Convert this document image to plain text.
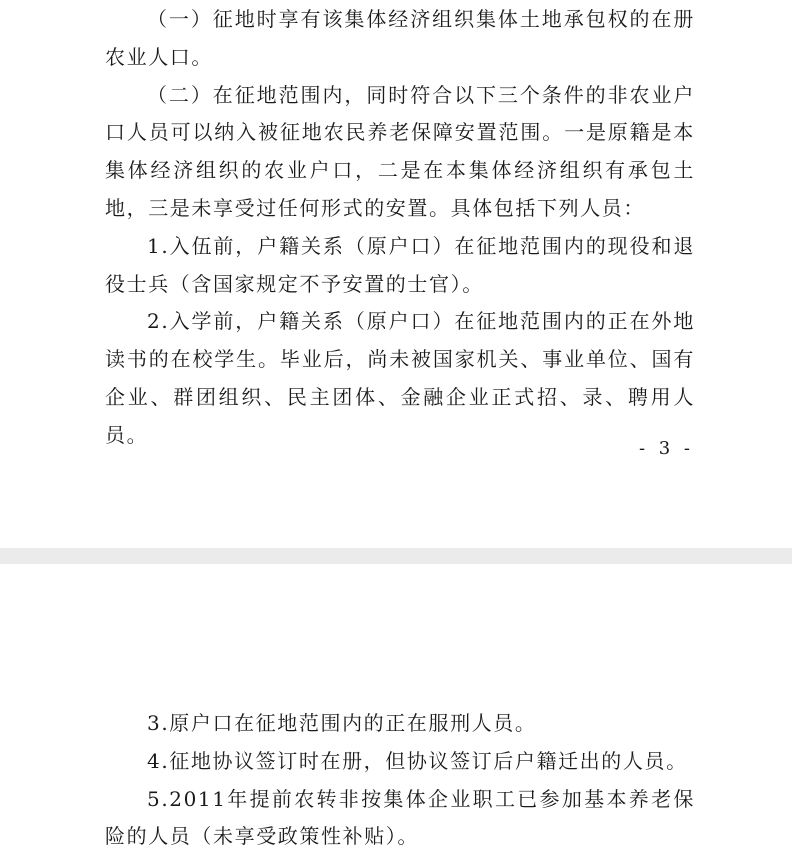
（一）征地时享有该集体经济组织集体土地承包权的在册农业人口。

（二）在征地范围内，同时符合以下三个条件的非农业户口人员可以纳入被征地农民养老保障安置范围。一是原籍是本集体经济组织的农业户口，二是在本集体经济组织有承包土地，三是未享受过任何形式的安置。具体包括下列人员：

1.入伍前，户籍关系（原户口）在征地范围内的现役和退役士兵（含国家规定不予安置的士官）。

2.入学前，户籍关系（原户口）在征地范围内的正在外地读书的在校学生。毕业后，尚未被国家机关、事业单位、国有企业、群团组织、民主团体、金融企业正式招、录、聘用人员。

- 3 -

3.原户口在征地范围内的正在服刑人员。

4.征地协议签订时在册，但协议签订后户籍迁出的人员。

5.2011年提前农转非按集体企业职工已参加基本养老保险的人员（未享受政策性补贴）。
